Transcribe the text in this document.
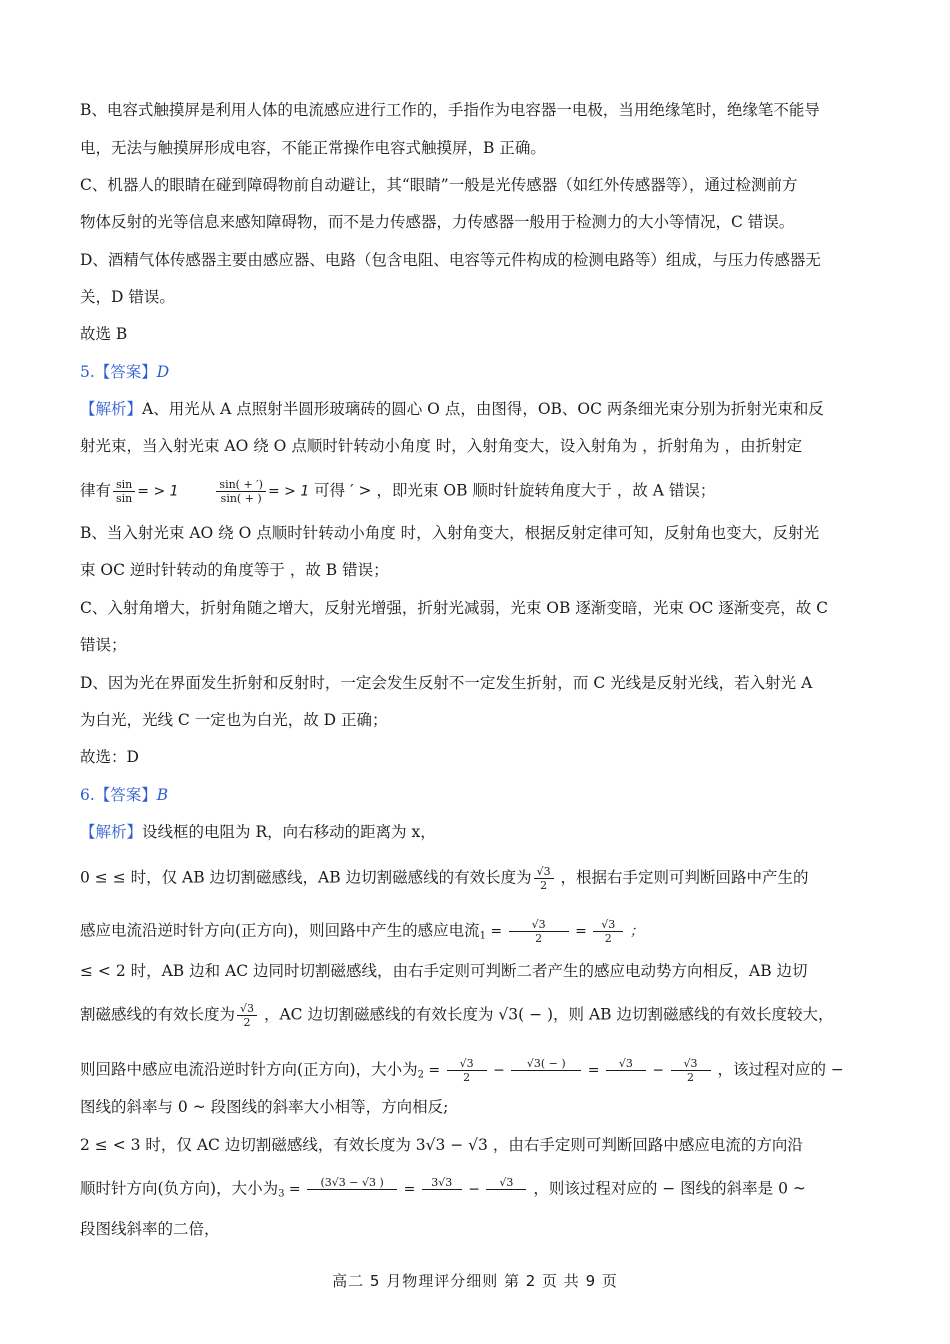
B、电容式触摸屏是利用人体的电流感应进行工作的，手指作为电容器一电极，当用绝缘笔时，绝缘笔不能导
电，无法与触摸屏形成电容，不能正常操作电容式触摸屏，B 正确。
C、机器人的眼睛在碰到障碍物前自动避让，其“眼睛”一般是光传感器（如红外传感器等），通过检测前方
物体反射的光等信息来感知障碍物，而不是力传感器，力传感器一般用于检测力的大小等情况，C 错误。
D、酒精气体传感器主要由感应器、电路（包含电阻、电容等元件构成的检测电路等）组成，与压力传感器无
关，D 错误。
故选 B
5.【答案】D
【解析】A、用光从 A 点照射半圆形玻璃砖的圆心 O 点，由图得，OB、OC 两条细光束分别为折射光束和反
射光束，当入射光束 AO 绕 O 点顺时针转动小角度 时，入射角变大，设入射角为 ，折射角为 ，由折射定
律有 $\frac{\sin}{\sin}$ = > 1	$\frac{\sin( + ')}{\sin( + )}$ = > 1 可得 ′ > ，即光束 OB 顺时针旋转角度大于 ，故 A 错误；
B、当入射光束 AO 绕 O 点顺时针转动小角度 时，入射角变大，根据反射定律可知，反射角也变大，反射光
束 OC 逆时针转动的角度等于 ，故 B 错误；
C、入射角增大，折射角随之增大，反射光增强，折射光减弱，光束 OB 逐渐变暗，光束 OC 逐渐变亮，故 C
错误；
D、因为光在界面发生折射和反射时，一定会发生反射不一定发生折射，而 C 光线是反射光线，若入射光 A
为白光，光线 C 一定也为白光，故 D 正确；
故选：D
6.【答案】B
【解析】设线框的电阻为 R，向右移动的距离为 x，
0 ≤ ≤ 时，仅 AB 边切割磁感线，AB 边切割磁感线的有效长度为 $\frac{√3}{2}$ ，根据右手定则可判断回路中产生的
感应电流沿逆时针方向(正方向)，则回路中产生的感应电流$_1 = \frac{√3}{2} = \frac{√3}{2}$ ；
≤ < 2 时，AB 边和 AC 边同时切割磁感线，由右手定则可判断二者产生的感应电动势方向相反，AB 边切
割磁感线的有效长度为 $\frac{√3}{2}$ ，AC 边切割磁感线的有效长度为 √3( − )，则 AB 边切割磁感线的有效长度较大，
则回路中感应电流沿逆时针方向(正方向)，大小为$_2 = \frac{√3}{2}$ −	√3( − )
	=	√3
	− $\frac{√3}{2}$ ，该过程对应的 −
图线的斜率与 0 ~ 段图线的斜率大小相等，方向相反;
2 ≤ < 3 时，仅 AC 边切割磁感线，有效长度为 3√3 − √3 ，由右手定则可判断回路中感应电流的方向沿
顺时针方向(负方向)，大小为$_3$ =	(3√3 − √3 )
	=	3√3
−	√3
，则该过程对应的 − 图线的斜率是 0 ~
段图线斜率的二倍，
高二 5 月物理评分细则 第 2 页 共 9 页
